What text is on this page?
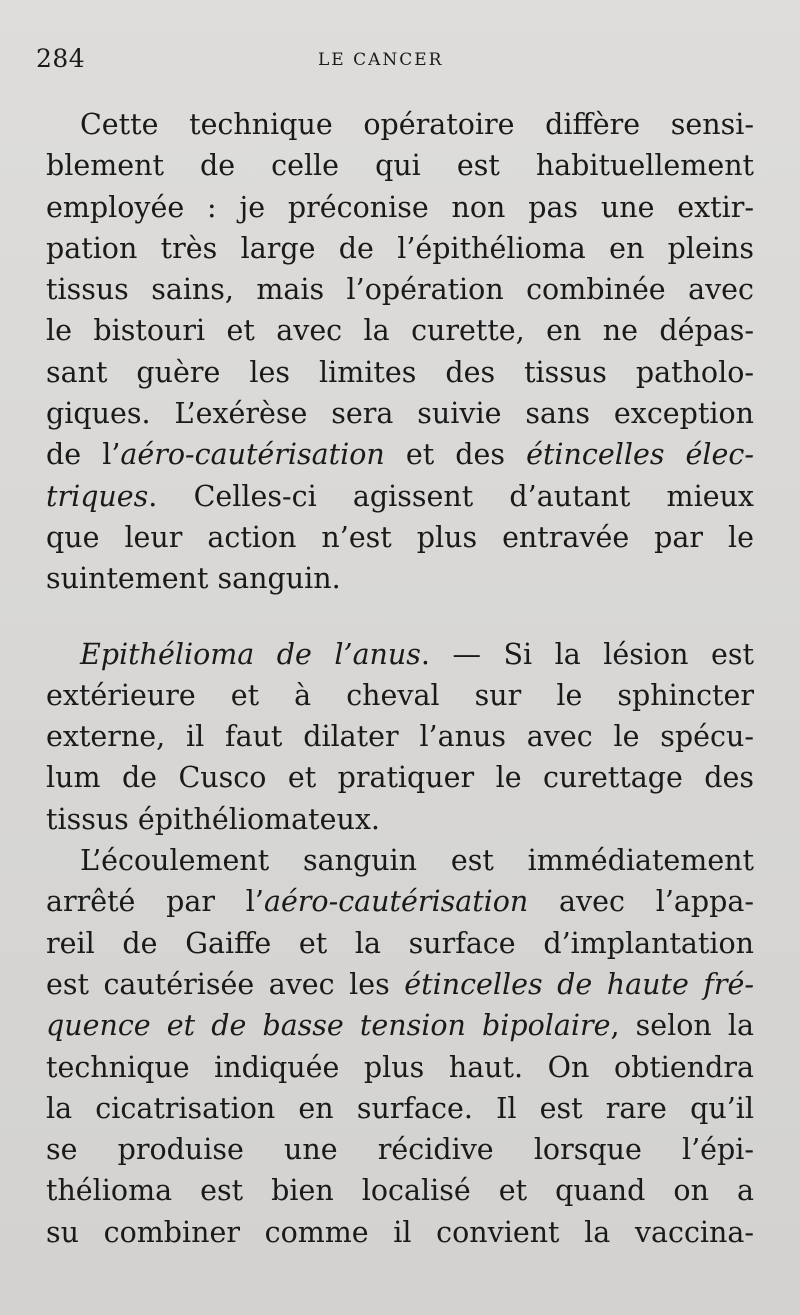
284	LE CANCER
Cette technique opératoire diffère sensi-
blement de celle qui est habituellement
employée : je préconise non pas une extir-
pation très large de l’épithélioma en pleins
tissus sains, mais l’opération combinée avec
le bistouri et avec la curette, en ne dépas-
sant guère les limites des tissus patholo-
giques. L’exérèse sera suivie sans exception
de l’aéro-cautérisation et des étincelles élec-
triques. Celles-ci agissent d’autant mieux
que leur action n’est plus entravée par le
suintement sanguin.
Epithélioma de l’anus. — Si la lésion est
extérieure et à cheval sur le sphincter
externe, il faut dilater l’anus avec le spécu-
lum de Cusco et pratiquer le curettage des
tissus épithéliomateux.
L’écoulement sanguin est immédiatement
arrêté par l’aéro-cautérisation avec l’appa-
reil de Gaiffe et la surface d’implantation
est cautérisée avec les étincelles de haute fré-
quence et de basse tension bipolaire, selon la
technique indiquée plus haut. On obtiendra
la cicatrisation en surface. Il est rare qu’il
se produise une récidive lorsque l’épi-
thélioma est bien localisé et quand on a
su combiner comme il convient la vaccina-
